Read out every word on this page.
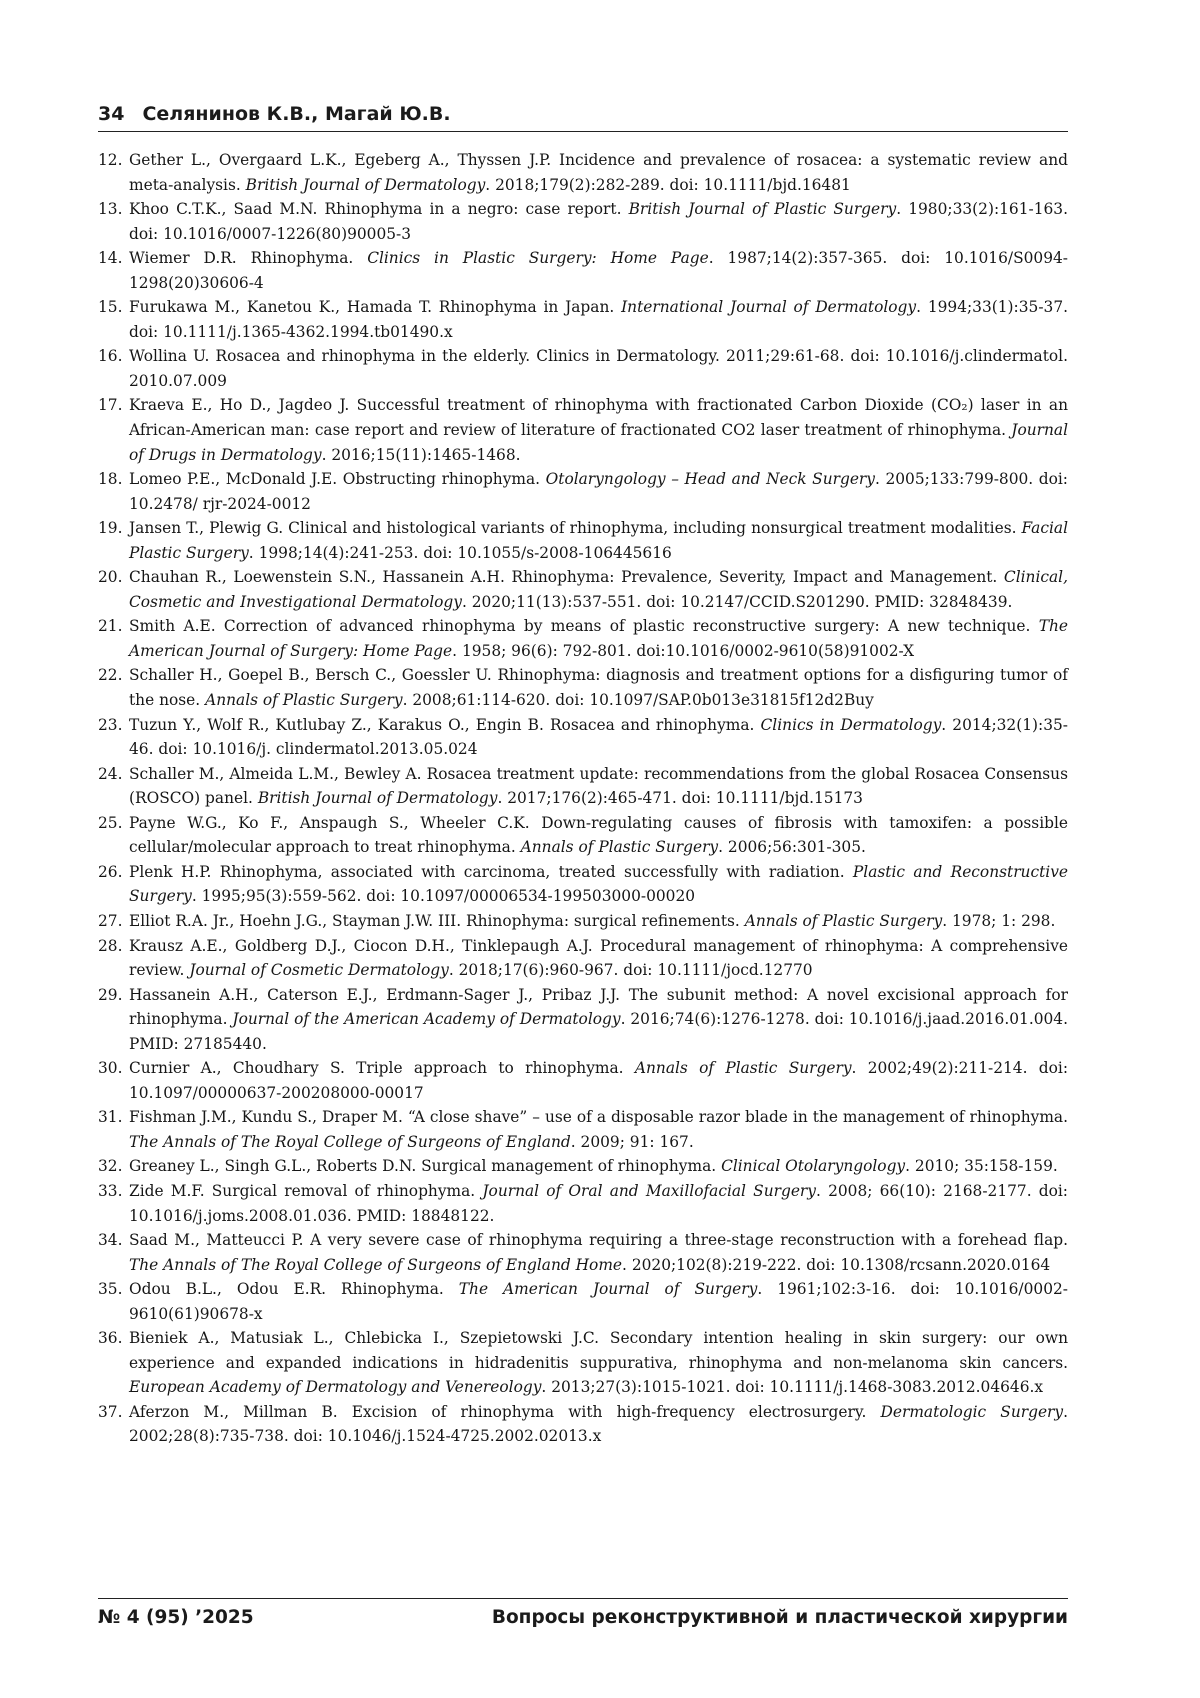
34 Селянинов К.В., Магай Ю.В.
12. Gether L., Overgaard L.K., Egeberg A., Thyssen J.P. Incidence and prevalence of rosacea: a systematic review and meta-analysis. British Journal of Dermatology. 2018;179(2):282-289. doi: 10.1111/bjd.16481
13. Khoo C.T.K., Saad M.N. Rhinophyma in a negro: case report. British Journal of Plastic Surgery. 1980;33(2):161-163. doi: 10.1016/0007-1226(80)90005-3
14. Wiemer D.R. Rhinophyma. Clinics in Plastic Surgery: Home Page. 1987;14(2):357-365. doi: 10.1016/S0094-1298(20)30606-4
15. Furukawa M., Kanetou K., Hamada T. Rhinophyma in Japan. International Journal of Dermatology. 1994;33(1):35-37. doi: 10.1111/j.1365-4362.1994.tb01490.x
16. Wollina U. Rosacea and rhinophyma in the elderly. Clinics in Dermatology. 2011;29:61-68. doi: 10.1016/j.clindermatol. 2010.07.009
17. Kraeva E., Ho D., Jagdeo J. Successful treatment of rhinophyma with fractionated Carbon Dioxide (CO₂) laser in an African-American man: case report and review of literature of fractionated CO2 laser treatment of rhinophyma. Journal of Drugs in Dermatology. 2016;15(11):1465-1468.
18. Lomeo P.E., McDonald J.E. Obstructing rhinophyma. Otolaryngology – Head and Neck Surgery. 2005;133:799-800. doi: 10.2478/ rjr-2024-0012
19. Jansen T., Plewig G. Clinical and histological variants of rhinophyma, including nonsurgical treatment modalities. Facial Plastic Surgery. 1998;14(4):241-253. doi: 10.1055/s-2008-106445616
20. Chauhan R., Loewenstein S.N., Hassanein A.H. Rhinophyma: Prevalence, Severity, Impact and Management. Clinical, Cosmetic and Investigational Dermatology. 2020;11(13):537-551. doi: 10.2147/CCID.S201290. PMID: 32848439.
21. Smith A.E. Correction of advanced rhinophyma by means of plastic reconstructive surgery: A new technique. The American Journal of Surgery: Home Page. 1958; 96(6): 792-801. doi:10.1016/0002-9610(58)91002-X
22. Schaller H., Goepel B., Bersch C., Goessler U. Rhinophyma: diagnosis and treatment options for a disfiguring tumor of the nose. Annals of Plastic Surgery. 2008;61:114-620. doi: 10.1097/SAP.0b013e31815f12d2Buy
23. Tuzun Y., Wolf R., Kutlubay Z., Karakus O., Engin B. Rosacea and rhinophyma. Clinics in Dermatology. 2014;32(1):35-46. doi: 10.1016/j. clindermatol.2013.05.024
24. Schaller M., Almeida L.M., Bewley A. Rosacea treatment update: recommendations from the global Rosacea Consensus (ROSCO) panel. British Journal of Dermatology. 2017;176(2):465-471. doi: 10.1111/bjd.15173
25. Payne W.G., Ko F., Anspaugh S., Wheeler C.K. Down-regulating causes of fibrosis with tamoxifen: a possible cellular/molecular approach to treat rhinophyma. Annals of Plastic Surgery. 2006;56:301-305.
26. Plenk H.P. Rhinophyma, associated with carcinoma, treated successfully with radiation. Plastic and Reconstructive Surgery. 1995;95(3):559-562. doi: 10.1097/00006534-199503000-00020
27. Elliot R.A. Jr., Hoehn J.G., Stayman J.W. III. Rhinophyma: surgical refinements. Annals of Plastic Surgery. 1978; 1: 298.
28. Krausz A.E., Goldberg D.J., Ciocon D.H., Tinklepaugh A.J. Procedural management of rhinophyma: A comprehensive review. Journal of Cosmetic Dermatology. 2018;17(6):960-967. doi: 10.1111/jocd.12770
29. Hassanein A.H., Caterson E.J., Erdmann-Sager J., Pribaz J.J. The subunit method: A novel excisional approach for rhinophyma. Journal of the American Academy of Dermatology. 2016;74(6):1276-1278. doi: 10.1016/j.jaad.2016.01.004. PMID: 27185440.
30. Curnier A., Choudhary S. Triple approach to rhinophyma. Annals of Plastic Surgery. 2002;49(2):211-214. doi: 10.1097/00000637-200208000-00017
31. Fishman J.M., Kundu S., Draper M. “A close shave” – use of a disposable razor blade in the management of rhinophyma. The Annals of The Royal College of Surgeons of England. 2009; 91: 167.
32. Greaney L., Singh G.L., Roberts D.N. Surgical management of rhinophyma. Clinical Otolaryngology. 2010; 35:158-159.
33. Zide M.F. Surgical removal of rhinophyma. Journal of Oral and Maxillofacial Surgery. 2008; 66(10): 2168-2177. doi: 10.1016/j.joms.2008.01.036. PMID: 18848122.
34. Saad M., Matteucci P. A very severe case of rhinophyma requiring a three-stage reconstruction with a forehead flap. The Annals of The Royal College of Surgeons of England Home. 2020;102(8):219-222. doi: 10.1308/rcsann.2020.0164
35. Odou B.L., Odou E.R. Rhinophyma. The American Journal of Surgery. 1961;102:3-16. doi: 10.1016/0002-9610(61)90678-x
36. Bieniek A., Matusiak L., Chlebicka I., Szepietowski J.C. Secondary intention healing in skin surgery: our own experience and expanded indications in hidradenitis suppurativa, rhinophyma and non-melanoma skin cancers. European Academy of Dermatology and Venereology. 2013;27(3):1015-1021. doi: 10.1111/j.1468-3083.2012.04646.x
37. Aferzon M., Millman B. Excision of rhinophyma with high-frequency electrosurgery. Dermatologic Surgery. 2002;28(8):735-738. doi: 10.1046/j.1524-4725.2002.02013.x
№ 4 (95) ’2025	Вопросы реконструктивной и пластической хирургии
